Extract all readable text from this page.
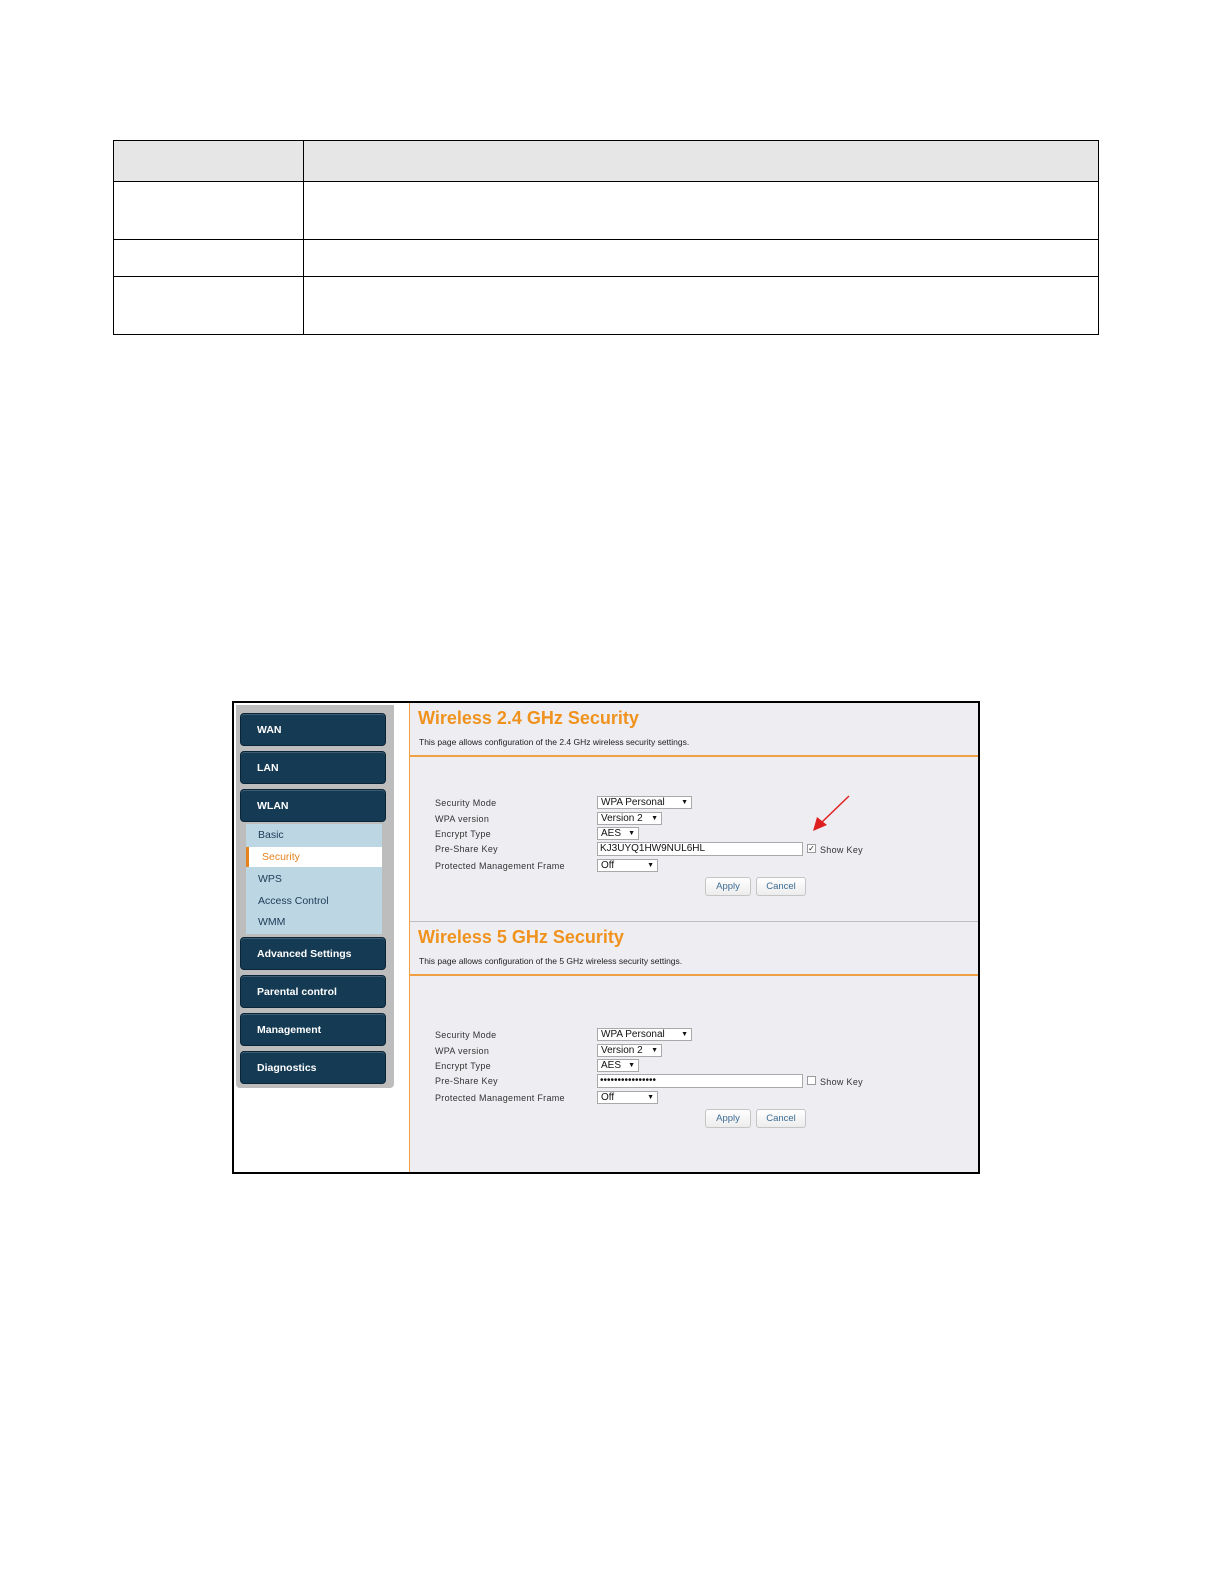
WAN
LAN
WLAN
Basic
Security
WPS
Access Control
WMM
Advanced Settings
Parental control
Management
Diagnostics
Wireless 2.4 GHz Security
This page allows configuration of the 2.4 GHz wireless security settings.
Security Mode	WPA Personal ▼
WPA version	Version 2 ▼
Encrypt Type	AES ▼
Pre-Share Key	KJ3UYQ1HW9NUL6HL	✓ Show Key
Protected Management Frame	Off	▼
Apply	Cancel
Wireless 5 GHz Security
This page allows configuration of the 5 GHz wireless security settings.
Security Mode	WPA Personal ▼
WPA version	Version 2 ▼
Encrypt Type	AES ▼
Pre-Share Key	••••••••••••••••	Show Key
Protected Management Frame	Off	▼
Apply	Cancel
